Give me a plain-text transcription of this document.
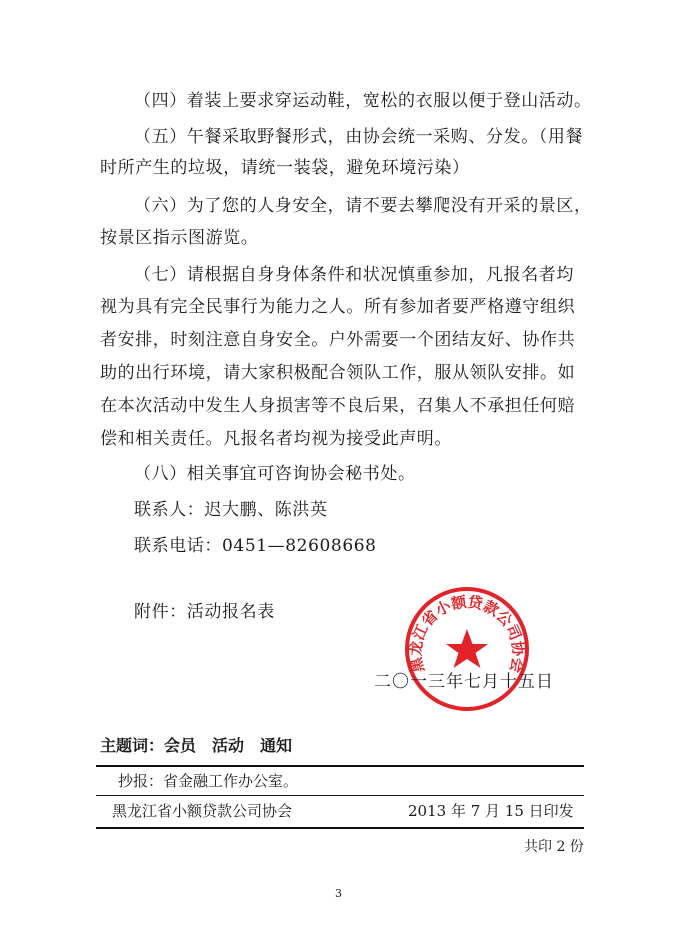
（四）着装上要求穿运动鞋，宽松的衣服以便于登山活动。
（五）午餐采取野餐形式，由协会统一采购、分发。（用餐
时所产生的垃圾，请统一装袋，避免环境污染）
（六）为了您的人身安全，请不要去攀爬没有开采的景区，
按景区指示图游览。
（七）请根据自身身体条件和状况慎重参加，凡报名者均
视为具有完全民事行为能力之人。所有参加者要严格遵守组织
者安排，时刻注意自身安全。户外需要一个团结友好、协作共
助的出行环境，请大家积极配合领队工作，服从领队安排。如
在本次活动中发生人身损害等不良后果，召集人不承担任何赔
偿和相关责任。凡报名者均视为接受此声明。
（八）相关事宜可咨询协会秘书处。
联系人：迟大鹏、陈洪英
联系电话：0451—82608668
附件：活动报名表
黑龙江省小额贷款公司协会
二〇一三年七月十五日
主题词：会员　活动　通知
抄报：省金融工作办公室。
黑龙江省小额贷款公司协会	2013 年 7 月 15 日印发
共印 2 份
3
